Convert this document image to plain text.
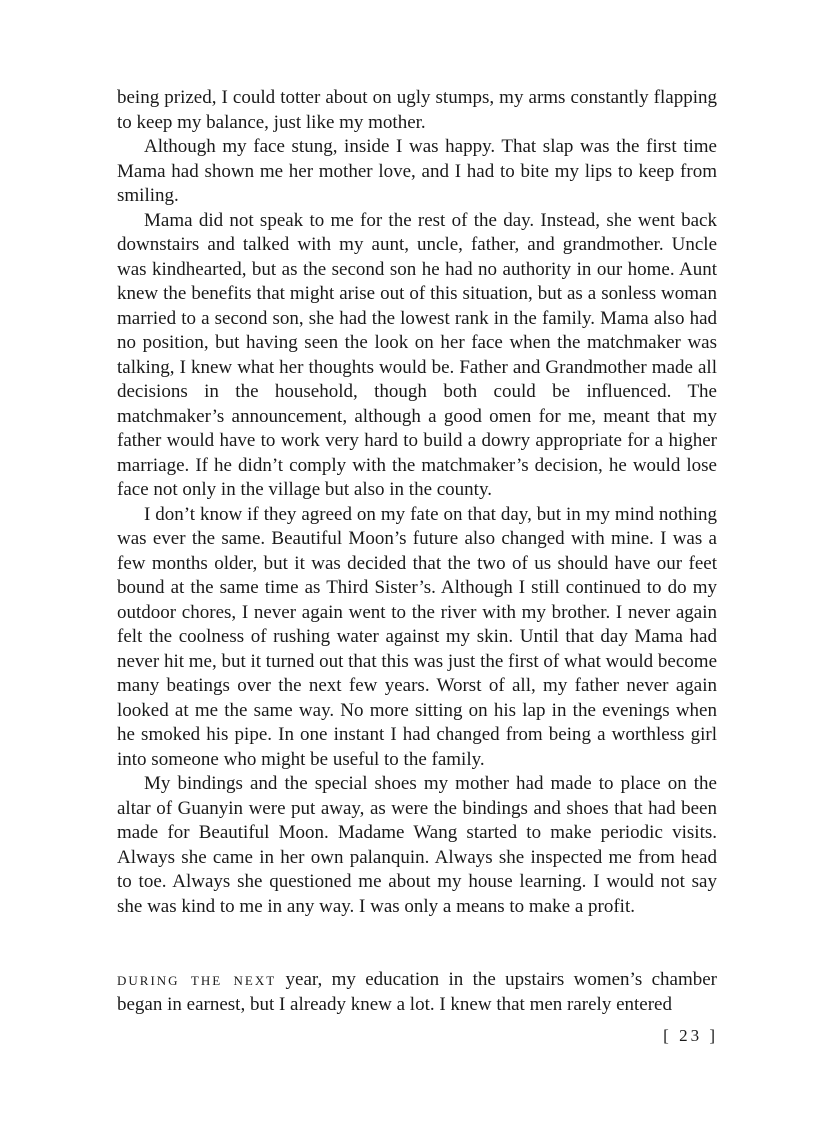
being prized, I could totter about on ugly stumps, my arms constantly flapping to keep my balance, just like my mother.

Although my face stung, inside I was happy. That slap was the first time Mama had shown me her mother love, and I had to bite my lips to keep from smiling.

Mama did not speak to me for the rest of the day. Instead, she went back downstairs and talked with my aunt, uncle, father, and grandmother. Uncle was kindhearted, but as the second son he had no authority in our home. Aunt knew the benefits that might arise out of this situation, but as a sonless woman married to a second son, she had the lowest rank in the family. Mama also had no position, but having seen the look on her face when the matchmaker was talking, I knew what her thoughts would be. Father and Grandmother made all decisions in the household, though both could be influenced. The matchmaker’s announcement, although a good omen for me, meant that my father would have to work very hard to build a dowry appropriate for a higher marriage. If he didn’t comply with the matchmaker’s decision, he would lose face not only in the village but also in the county.

I don’t know if they agreed on my fate on that day, but in my mind nothing was ever the same. Beautiful Moon’s future also changed with mine. I was a few months older, but it was decided that the two of us should have our feet bound at the same time as Third Sister’s. Although I still continued to do my outdoor chores, I never again went to the river with my brother. I never again felt the coolness of rushing water against my skin. Until that day Mama had never hit me, but it turned out that this was just the first of what would become many beatings over the next few years. Worst of all, my father never again looked at me the same way. No more sitting on his lap in the evenings when he smoked his pipe. In one instant I had changed from being a worthless girl into someone who might be useful to the family.

My bindings and the special shoes my mother had made to place on the altar of Guanyin were put away, as were the bindings and shoes that had been made for Beautiful Moon. Madame Wang started to make periodic visits. Always she came in her own palanquin. Always she inspected me from head to toe. Always she questioned me about my house learning. I would not say she was kind to me in any way. I was only a means to make a profit.

during the next year, my education in the upstairs women’s chamber began in earnest, but I already knew a lot. I knew that men rarely entered

[ 23 ]
